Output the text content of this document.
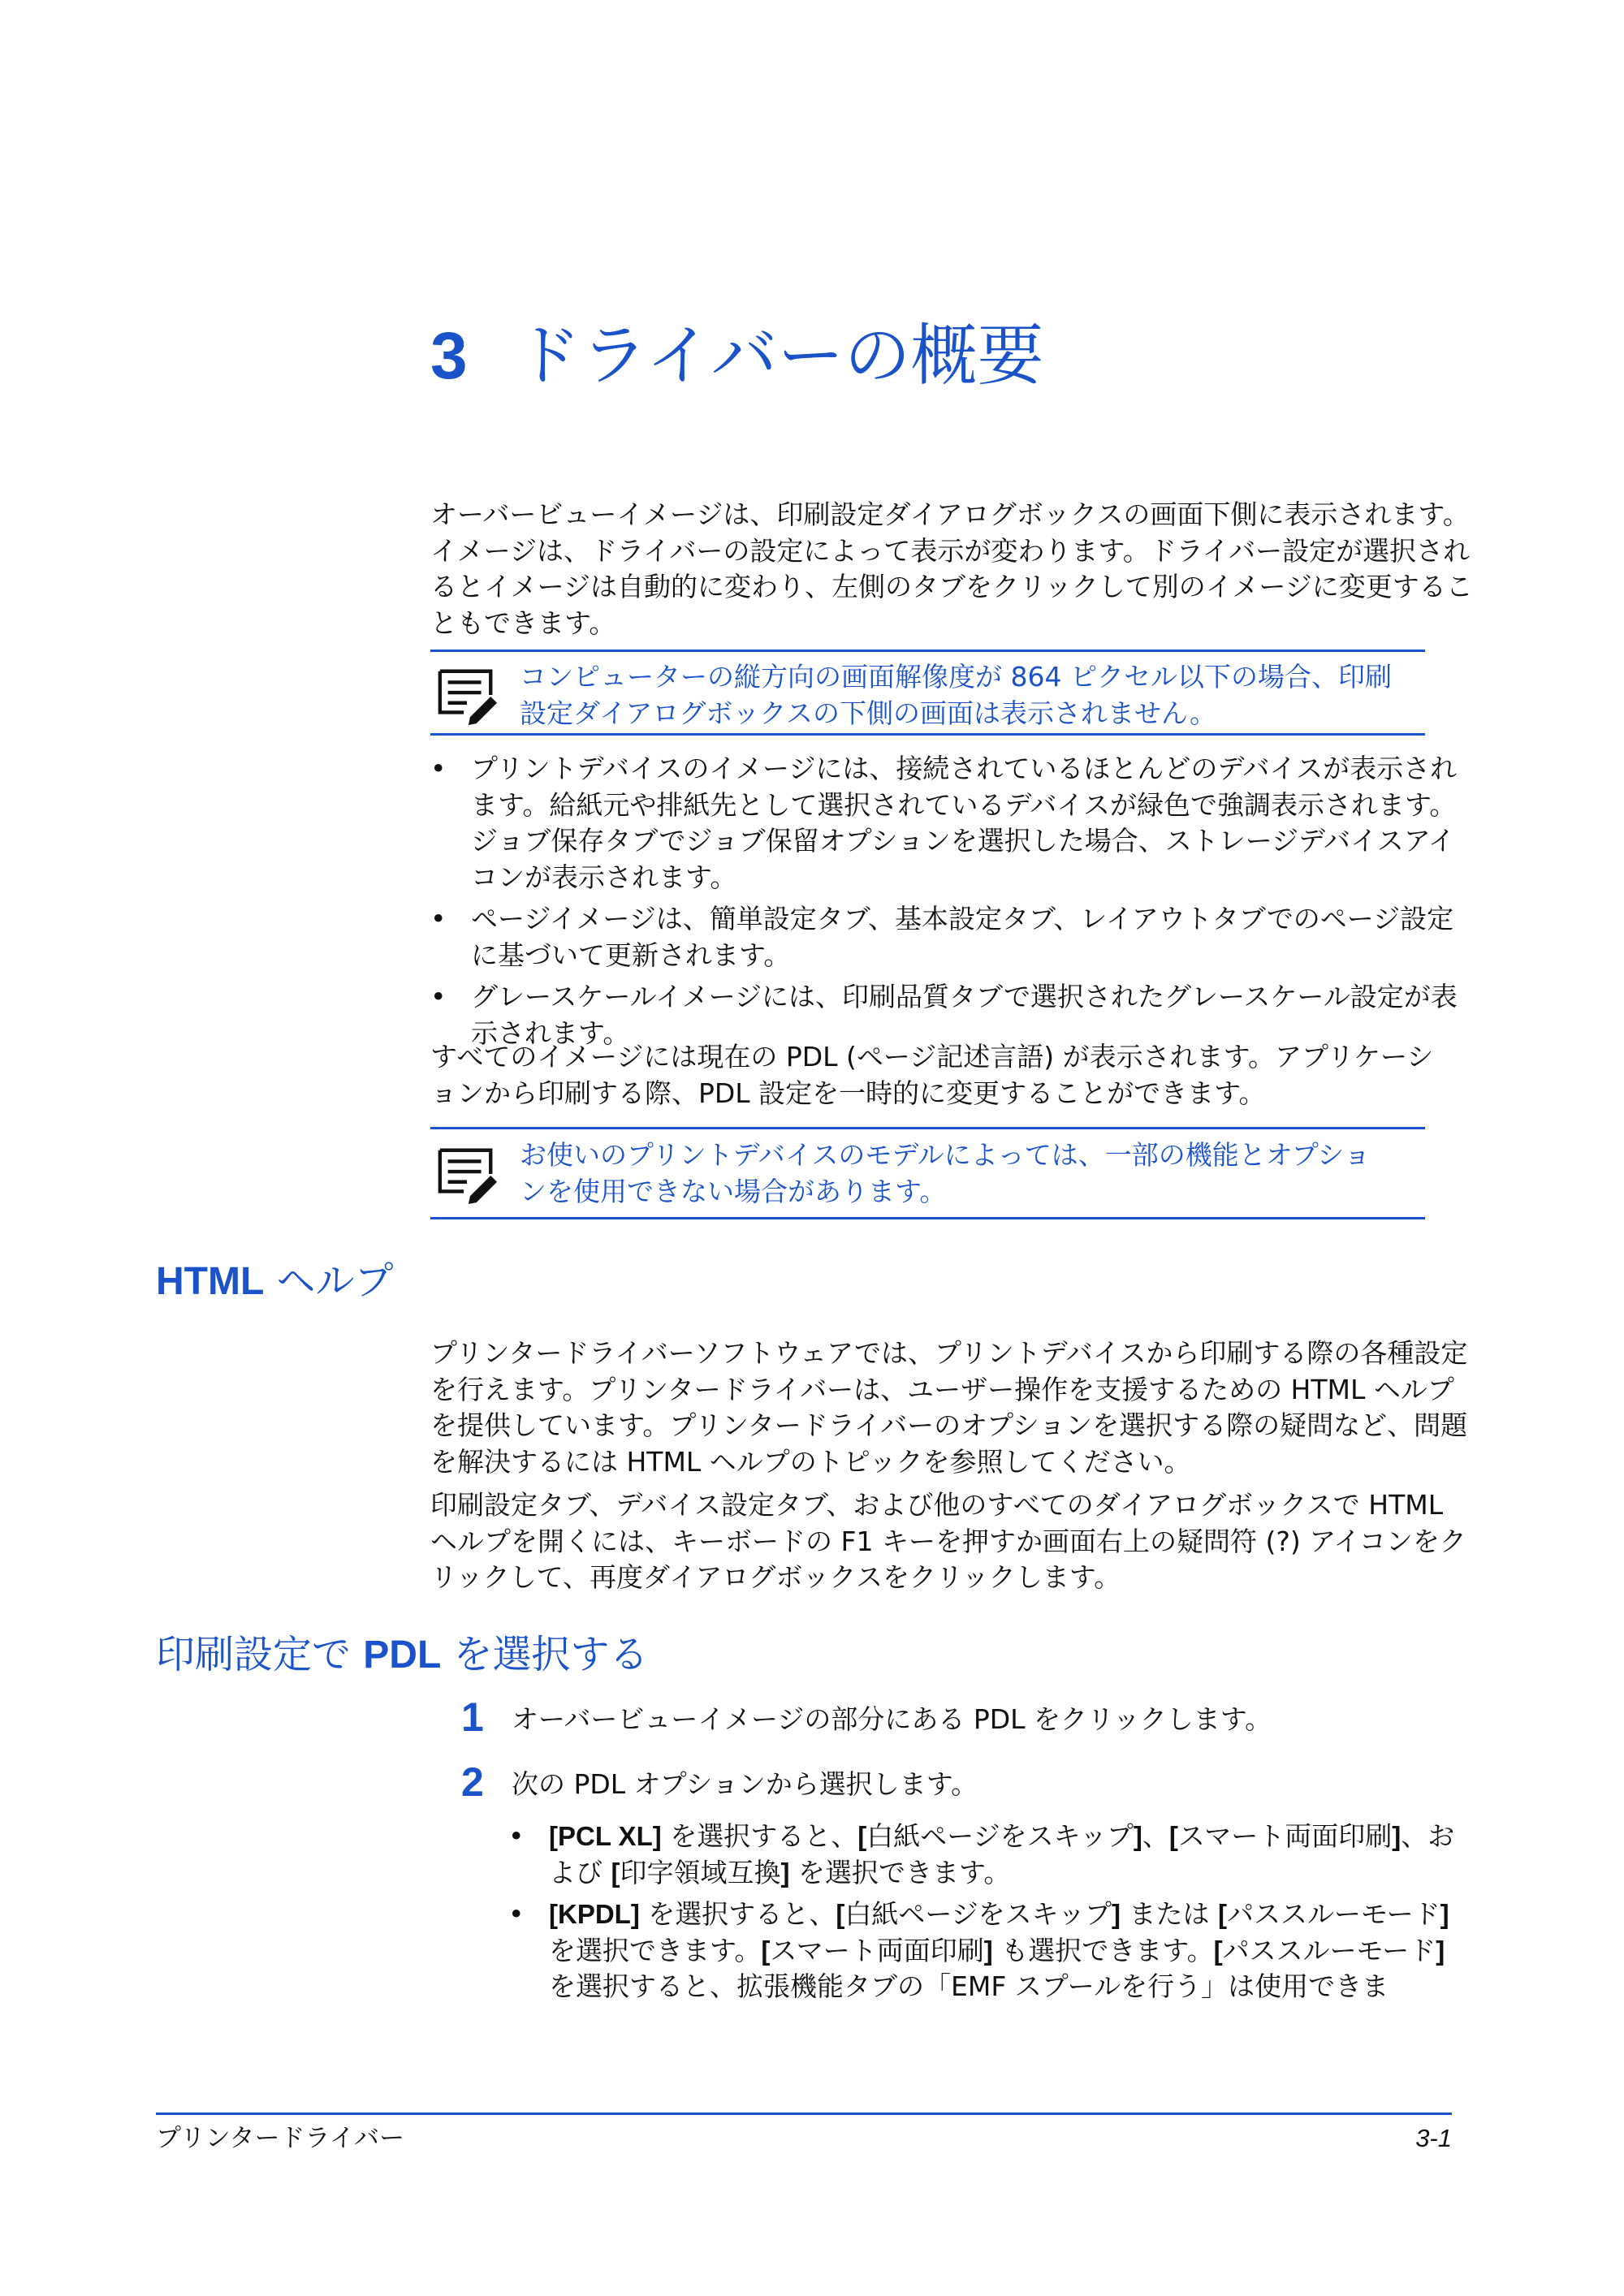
3 ドライバーの概要

オーバービューイメージは、印刷設定ダイアログボックスの画面下側に表示されます。イメージは、ドライバーの設定によって表示が変わります。ドライバー設定が選択されるとイメージは自動的に変わり、左側のタブをクリックして別のイメージに変更することもできます。

コンピューターの縦方向の画面解像度が 864 ピクセル以下の場合、印刷設定ダイアログボックスの下側の画面は表示されません。
• プリントデバイスのイメージには、接続されているほとんどのデバイスが表示されます。給紙元や排紙先として選択されているデバイスが緑色で強調表示されます。ジョブ保存タブでジョブ保留オプションを選択した場合、ストレージデバイスアイコンが表示されます。
• ページイメージは、簡単設定タブ、基本設定タブ、レイアウトタブでのページ設定に基づいて更新されます。
• グレースケールイメージには、印刷品質タブで選択されたグレースケール設定が表示されます。

すべてのイメージには現在の PDL (ページ記述言語) が表示されます。アプリケーションから印刷する際、PDL 設定を一時的に変更することができます。

お使いのプリントデバイスのモデルによっては、一部の機能とオプションを使用できない場合があります。
HTML ヘルプ

プリンタードライバーソフトウェアでは、プリントデバイスから印刷する際の各種設定を行えます。プリンタードライバーは、ユーザー操作を支援するための HTML ヘルプを提供しています。プリンタードライバーのオプションを選択する際の疑問など、問題を解決するには HTML ヘルプのトピックを参照してください。

印刷設定タブ、デバイス設定タブ、および他のすべてのダイアログボックスで HTML ヘルプを開くには、キーボードの F1 キーを押すか画面右上の疑問符 (?) アイコンをクリックして、再度ダイアログボックスをクリックします。

印刷設定で PDL を選択する
1 オーバービューイメージの部分にある PDL をクリックします。
2 次の PDL オプションから選択します。
• [PCL XL] を選択すると、[白紙ページをスキップ]、[スマート両面印刷]、および [印字領域互換] を選択できます。
• [KPDL] を選択すると、[白紙ページをスキップ] または [パススルーモード] を選択できます。[スマート両面印刷] も選択できます。[パススルーモード] を選択すると、拡張機能タブの「EMF スプールを行う」は使用できま
プリンタードライバー	3-1
